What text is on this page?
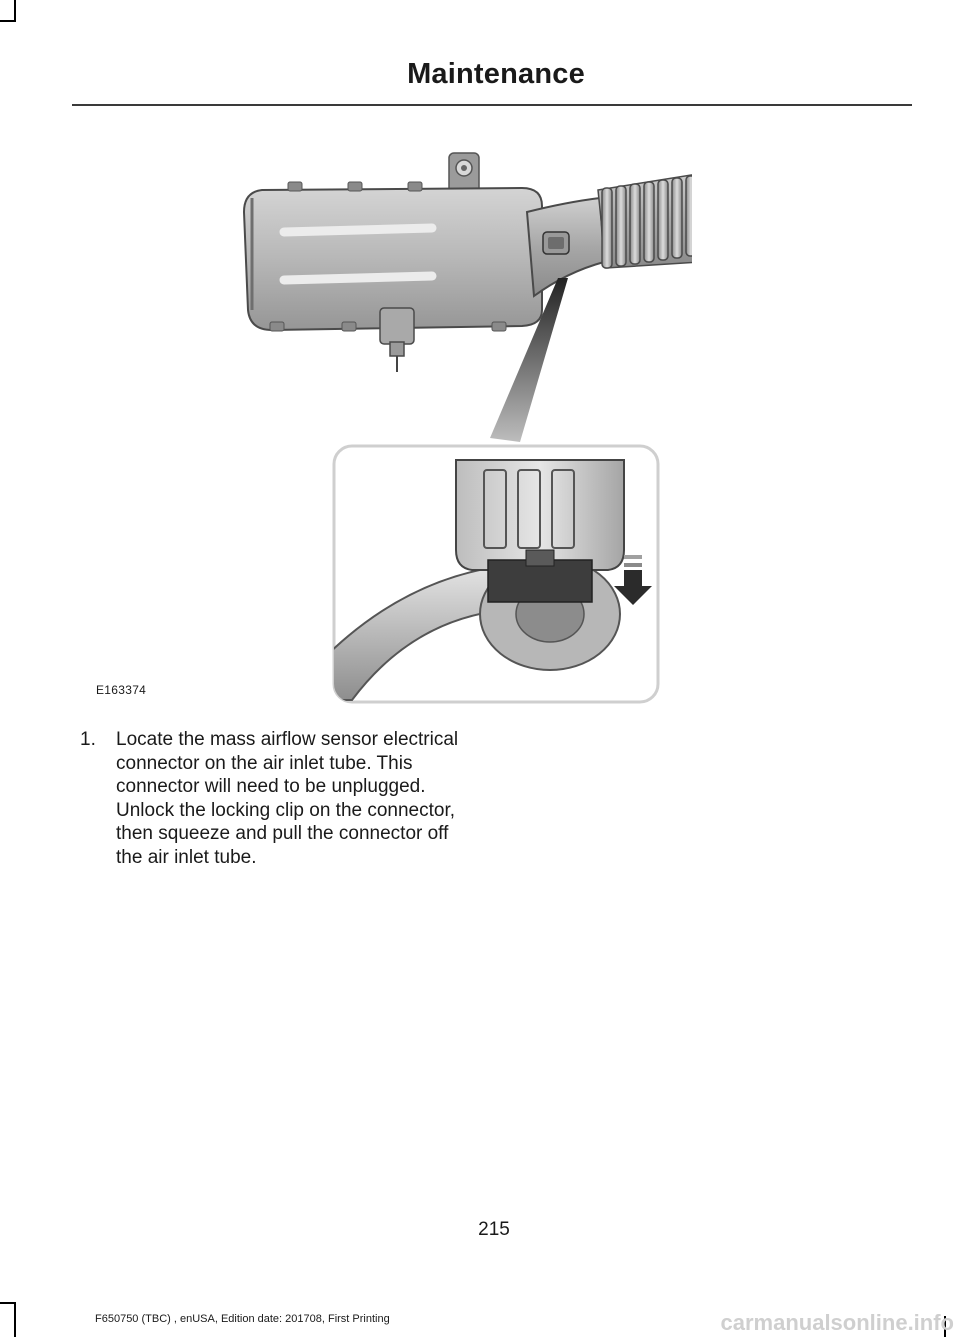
Maintenance
E163374
1. Locate the mass airflow sensor electrical connector on the air inlet tube. This connector will need to be unplugged. Unlock the locking clip on the connector, then squeeze and pull the connector off the air inlet tube.
215
F650750 (TBC) , enUSA, Edition date: 201708, First Printing	carmanualsonline.info
